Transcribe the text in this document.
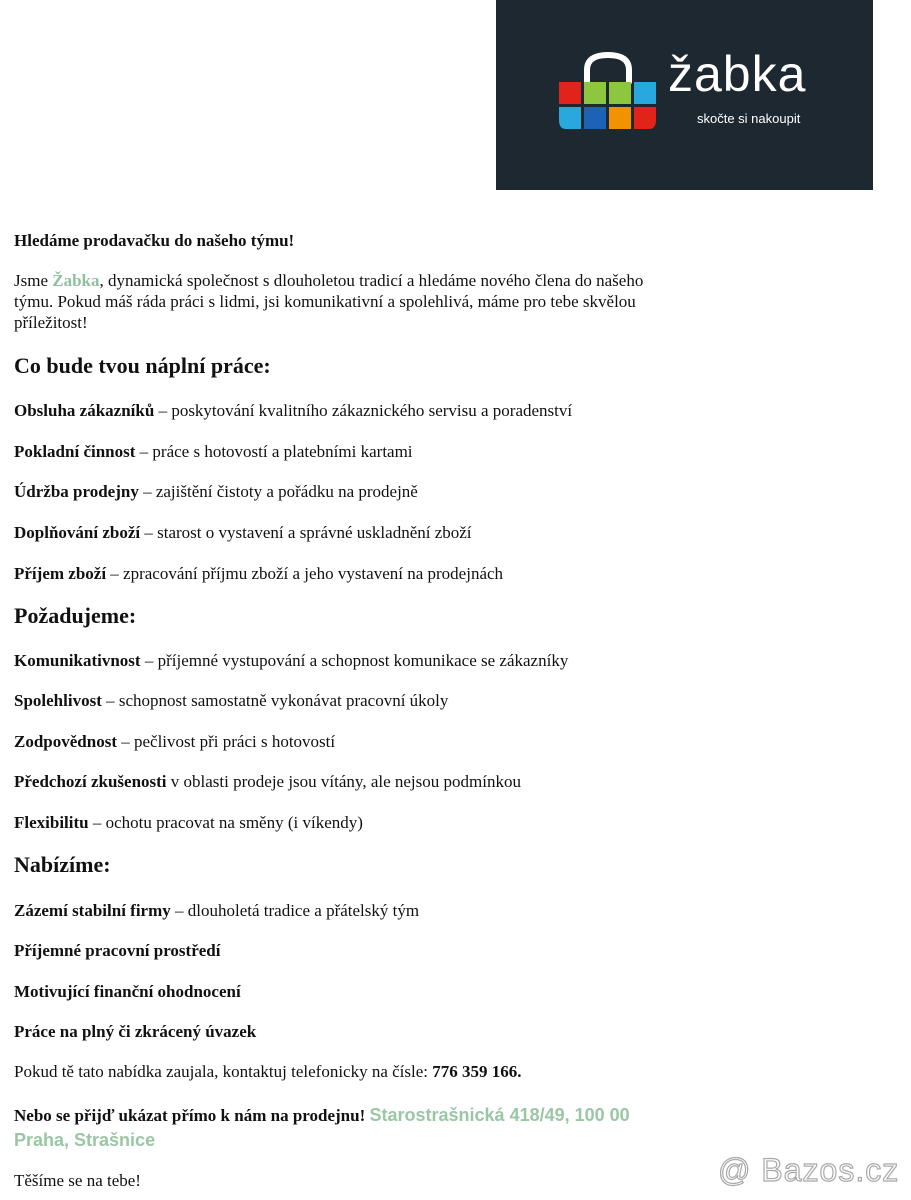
žabka

skočte si nakoupit

Hledáme prodavačku do našeho týmu!

Jsme Žabka, dynamická společnost s dlouholetou tradicí a hledáme nového člena do našeho

týmu. Pokud máš ráda práci s lidmi, jsi komunikativní a spolehlivá, máme pro tebe skvělou

příležitost!

Co bude tvou náplní práce:

Obsluha zákazníků – poskytování kvalitního zákaznického servisu a poradenství

Pokladní činnost – práce s hotovostí a platebními kartami

Údržba prodejny – zajištění čistoty a pořádku na prodejně

Doplňování zboží – starost o vystavení a správné uskladnění zboží

Příjem zboží – zpracování příjmu zboží a jeho vystavení na prodejnách

Požadujeme:

Komunikativnost – příjemné vystupování a schopnost komunikace se zákazníky

Spolehlivost – schopnost samostatně vykonávat pracovní úkoly

Zodpovědnost – pečlivost při práci s hotovostí

Předchozí zkušenosti v oblasti prodeje jsou vítány, ale nejsou podmínkou

Flexibilitu – ochotu pracovat na směny (i víkendy)

Nabízíme:

Zázemí stabilní firmy – dlouholetá tradice a přátelský tým

Příjemné pracovní prostředí

Motivující finanční ohodnocení

Práce na plný či zkrácený úvazek

Pokud tě tato nabídka zaujala, kontaktuj telefonicky na čísle: 776 359 166.

Nebo se přijď ukázat přímo k nám na prodejnu! Starostrašnická 418/49, 100 00

Praha, Strašnice

Těšíme se na tebe!	@ Bazos.cz
